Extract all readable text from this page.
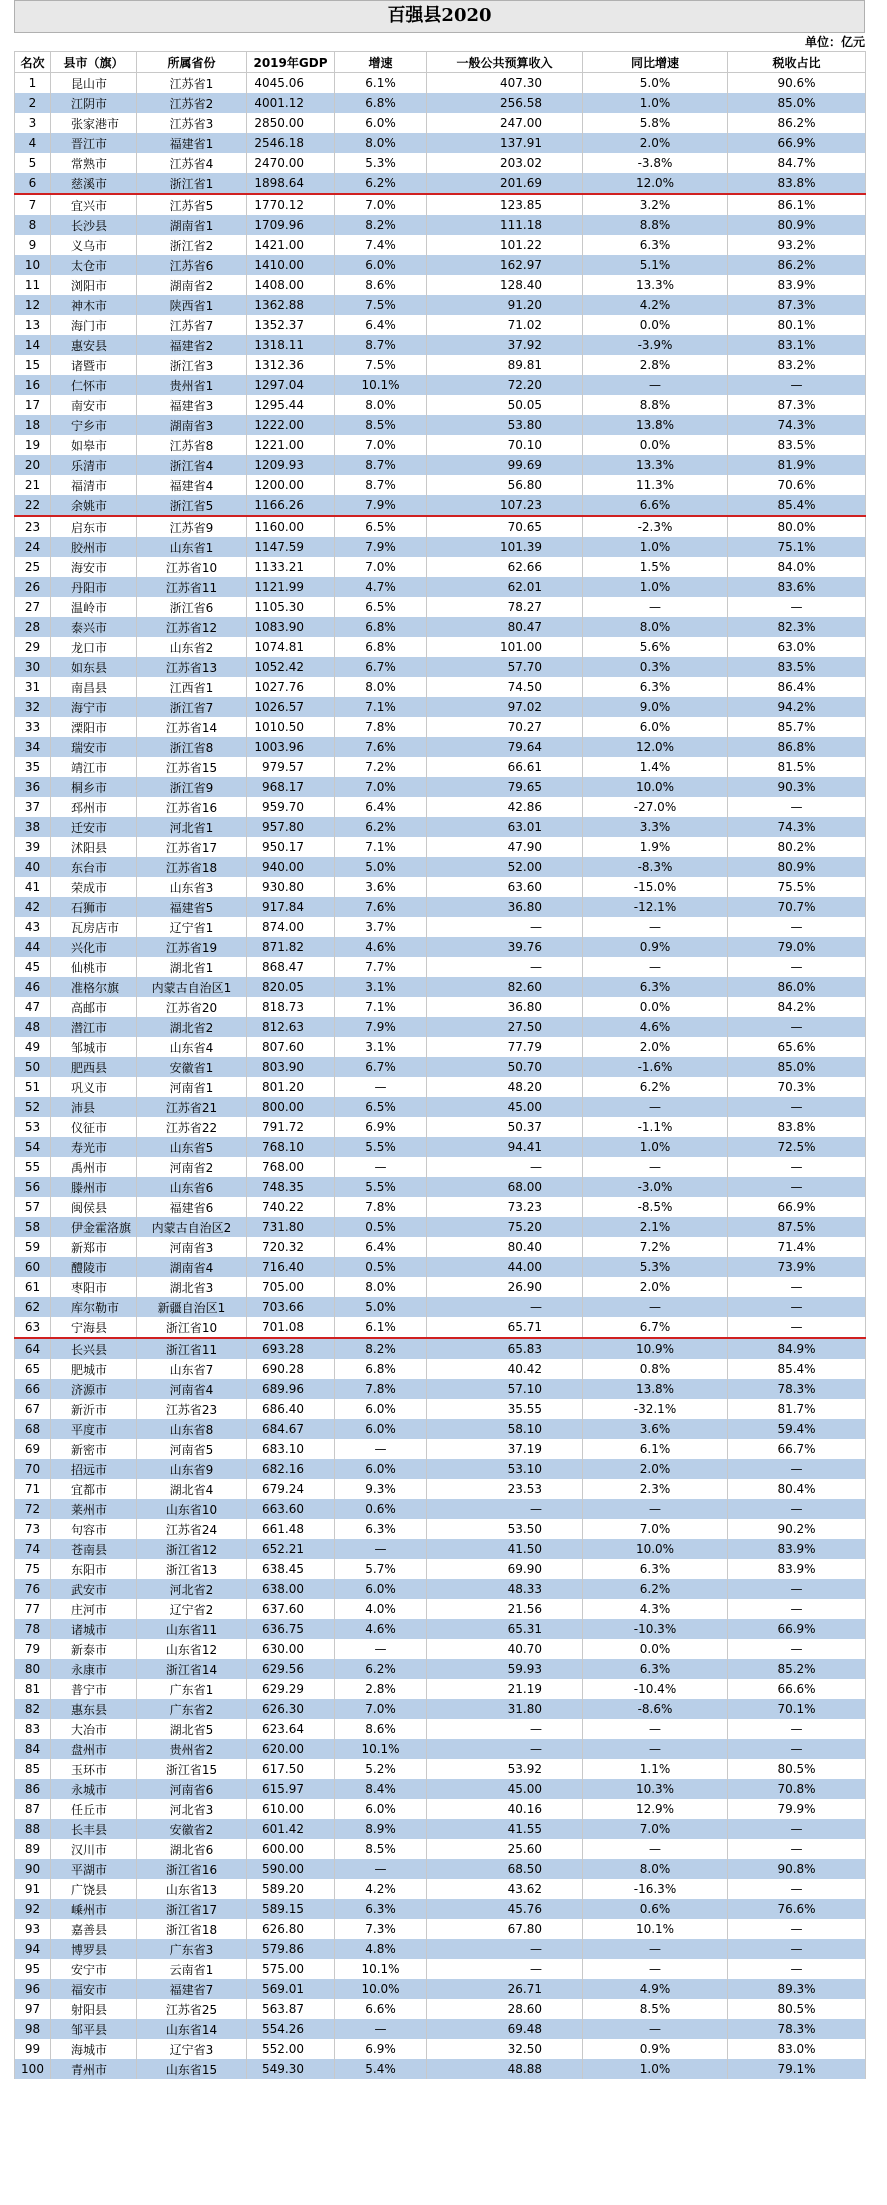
百强县2020
单位：亿元
名次	县市（旗）	所属省份	2019年GDP	增速	一般公共预算收入	同比增速	税收占比
1	昆山市	江苏省1	4045.06	6.1%	407.30	5.0%	90.6%
2	江阴市	江苏省2	4001.12	6.8%	256.58	1.0%	85.0%
3	张家港市	江苏省3	2850.00	6.0%	247.00	5.8%	86.2%
4	晋江市	福建省1	2546.18	8.0%	137.91	2.0%	66.9%
5	常熟市	江苏省4	2470.00	5.3%	203.02	-3.8%	84.7%
6	慈溪市	浙江省1	1898.64	6.2%	201.69	12.0%	83.8%
7	宜兴市	江苏省5	1770.12	7.0%	123.85	3.2%	86.1%
8	长沙县	湖南省1	1709.96	8.2%	111.18	8.8%	80.9%
9	义乌市	浙江省2	1421.00	7.4%	101.22	6.3%	93.2%
10	太仓市	江苏省6	1410.00	6.0%	162.97	5.1%	86.2%
11	浏阳市	湖南省2	1408.00	8.6%	128.40	13.3%	83.9%
12	神木市	陕西省1	1362.88	7.5%	91.20	4.2%	87.3%
13	海门市	江苏省7	1352.37	6.4%	71.02	0.0%	80.1%
14	惠安县	福建省2	1318.11	8.7%	37.92	-3.9%	83.1%
15	诸暨市	浙江省3	1312.36	7.5%	89.81	2.8%	83.2%
16	仁怀市	贵州省1	1297.04	10.1%	72.20	—	—
17	南安市	福建省3	1295.44	8.0%	50.05	8.8%	87.3%
18	宁乡市	湖南省3	1222.00	8.5%	53.80	13.8%	74.3%
19	如皋市	江苏省8	1221.00	7.0%	70.10	0.0%	83.5%
20	乐清市	浙江省4	1209.93	8.7%	99.69	13.3%	81.9%
21	福清市	福建省4	1200.00	8.7%	56.80	11.3%	70.6%
22	余姚市	浙江省5	1166.26	7.9%	107.23	6.6%	85.4%
23	启东市	江苏省9	1160.00	6.5%	70.65	-2.3%	80.0%
24	胶州市	山东省1	1147.59	7.9%	101.39	1.0%	75.1%
25	海安市	江苏省10	1133.21	7.0%	62.66	1.5%	84.0%
26	丹阳市	江苏省11	1121.99	4.7%	62.01	1.0%	83.6%
27	温岭市	浙江省6	1105.30	6.5%	78.27	—	—
28	泰兴市	江苏省12	1083.90	6.8%	80.47	8.0%	82.3%
29	龙口市	山东省2	1074.81	6.8%	101.00	5.6%	63.0%
30	如东县	江苏省13	1052.42	6.7%	57.70	0.3%	83.5%
31	南昌县	江西省1	1027.76	8.0%	74.50	6.3%	86.4%
32	海宁市	浙江省7	1026.57	7.1%	97.02	9.0%	94.2%
33	溧阳市	江苏省14	1010.50	7.8%	70.27	6.0%	85.7%
34	瑞安市	浙江省8	1003.96	7.6%	79.64	12.0%	86.8%
35	靖江市	江苏省15	979.57	7.2%	66.61	1.4%	81.5%
36	桐乡市	浙江省9	968.17	7.0%	79.65	10.0%	90.3%
37	邳州市	江苏省16	959.70	6.4%	42.86	-27.0%	—
38	迁安市	河北省1	957.80	6.2%	63.01	3.3%	74.3%
39	沭阳县	江苏省17	950.17	7.1%	47.90	1.9%	80.2%
40	东台市	江苏省18	940.00	5.0%	52.00	-8.3%	80.9%
41	荣成市	山东省3	930.80	3.6%	63.60	-15.0%	75.5%
42	石狮市	福建省5	917.84	7.6%	36.80	-12.1%	70.7%
43	瓦房店市	辽宁省1	874.00	3.7%	—	—	—
44	兴化市	江苏省19	871.82	4.6%	39.76	0.9%	79.0%
45	仙桃市	湖北省1	868.47	7.7%	—	—	—
46	准格尔旗	内蒙古自治区1	820.05	3.1%	82.60	6.3%	86.0%
47	高邮市	江苏省20	818.73	7.1%	36.80	0.0%	84.2%
48	潜江市	湖北省2	812.63	7.9%	27.50	4.6%	—
49	邹城市	山东省4	807.60	3.1%	77.79	2.0%	65.6%
50	肥西县	安徽省1	803.90	6.7%	50.70	-1.6%	85.0%
51	巩义市	河南省1	801.20	—	48.20	6.2%	70.3%
52	沛县	江苏省21	800.00	6.5%	45.00	—	—
53	仪征市	江苏省22	791.72	6.9%	50.37	-1.1%	83.8%
54	寿光市	山东省5	768.10	5.5%	94.41	1.0%	72.5%
55	禹州市	河南省2	768.00	—	—	—	—
56	滕州市	山东省6	748.35	5.5%	68.00	-3.0%	—
57	闽侯县	福建省6	740.22	7.8%	73.23	-8.5%	66.9%
58	伊金霍洛旗	内蒙古自治区2	731.80	0.5%	75.20	2.1%	87.5%
59	新郑市	河南省3	720.32	6.4%	80.40	7.2%	71.4%
60	醴陵市	湖南省4	716.40	0.5%	44.00	5.3%	73.9%
61	枣阳市	湖北省3	705.00	8.0%	26.90	2.0%	—
62	库尔勒市	新疆自治区1	703.66	5.0%	—	—	—
63	宁海县	浙江省10	701.08	6.1%	65.71	6.7%	—
64	长兴县	浙江省11	693.28	8.2%	65.83	10.9%	84.9%
65	肥城市	山东省7	690.28	6.8%	40.42	0.8%	85.4%
66	济源市	河南省4	689.96	7.8%	57.10	13.8%	78.3%
67	新沂市	江苏省23	686.40	6.0%	35.55	-32.1%	81.7%
68	平度市	山东省8	684.67	6.0%	58.10	3.6%	59.4%
69	新密市	河南省5	683.10	—	37.19	6.1%	66.7%
70	招远市	山东省9	682.16	6.0%	53.10	2.0%	—
71	宜都市	湖北省4	679.24	9.3%	23.53	2.3%	80.4%
72	莱州市	山东省10	663.60	0.6%	—	—	—
73	句容市	江苏省24	661.48	6.3%	53.50	7.0%	90.2%
74	苍南县	浙江省12	652.21	—	41.50	10.0%	83.9%
75	东阳市	浙江省13	638.45	5.7%	69.90	6.3%	83.9%
76	武安市	河北省2	638.00	6.0%	48.33	6.2%	—
77	庄河市	辽宁省2	637.60	4.0%	21.56	4.3%	—
78	诸城市	山东省11	636.75	4.6%	65.31	-10.3%	66.9%
79	新泰市	山东省12	630.00	—	40.70	0.0%	—
80	永康市	浙江省14	629.56	6.2%	59.93	6.3%	85.2%
81	普宁市	广东省1	629.29	2.8%	21.19	-10.4%	66.6%
82	惠东县	广东省2	626.30	7.0%	31.80	-8.6%	70.1%
83	大冶市	湖北省5	623.64	8.6%	—	—	—
84	盘州市	贵州省2	620.00	10.1%	—	—	—
85	玉环市	浙江省15	617.50	5.2%	53.92	1.1%	80.5%
86	永城市	河南省6	615.97	8.4%	45.00	10.3%	70.8%
87	任丘市	河北省3	610.00	6.0%	40.16	12.9%	79.9%
88	长丰县	安徽省2	601.42	8.9%	41.55	7.0%	—
89	汉川市	湖北省6	600.00	8.5%	25.60	—	—
90	平湖市	浙江省16	590.00	—	68.50	8.0%	90.8%
91	广饶县	山东省13	589.20	4.2%	43.62	-16.3%	—
92	嵊州市	浙江省17	589.15	6.3%	45.76	0.6%	76.6%
93	嘉善县	浙江省18	626.80	7.3%	67.80	10.1%	—
94	博罗县	广东省3	579.86	4.8%	—	—	—
95	安宁市	云南省1	575.00	10.1%	—	—	—
96	福安市	福建省7	569.01	10.0%	26.71	4.9%	89.3%
97	射阳县	江苏省25	563.87	6.6%	28.60	8.5%	80.5%
98	邹平县	山东省14	554.26	—	69.48	—	78.3%
99	海城市	辽宁省3	552.00	6.9%	32.50	0.9%	83.0%
100	青州市	山东省15	549.30	5.4%	48.88	1.0%	79.1%
